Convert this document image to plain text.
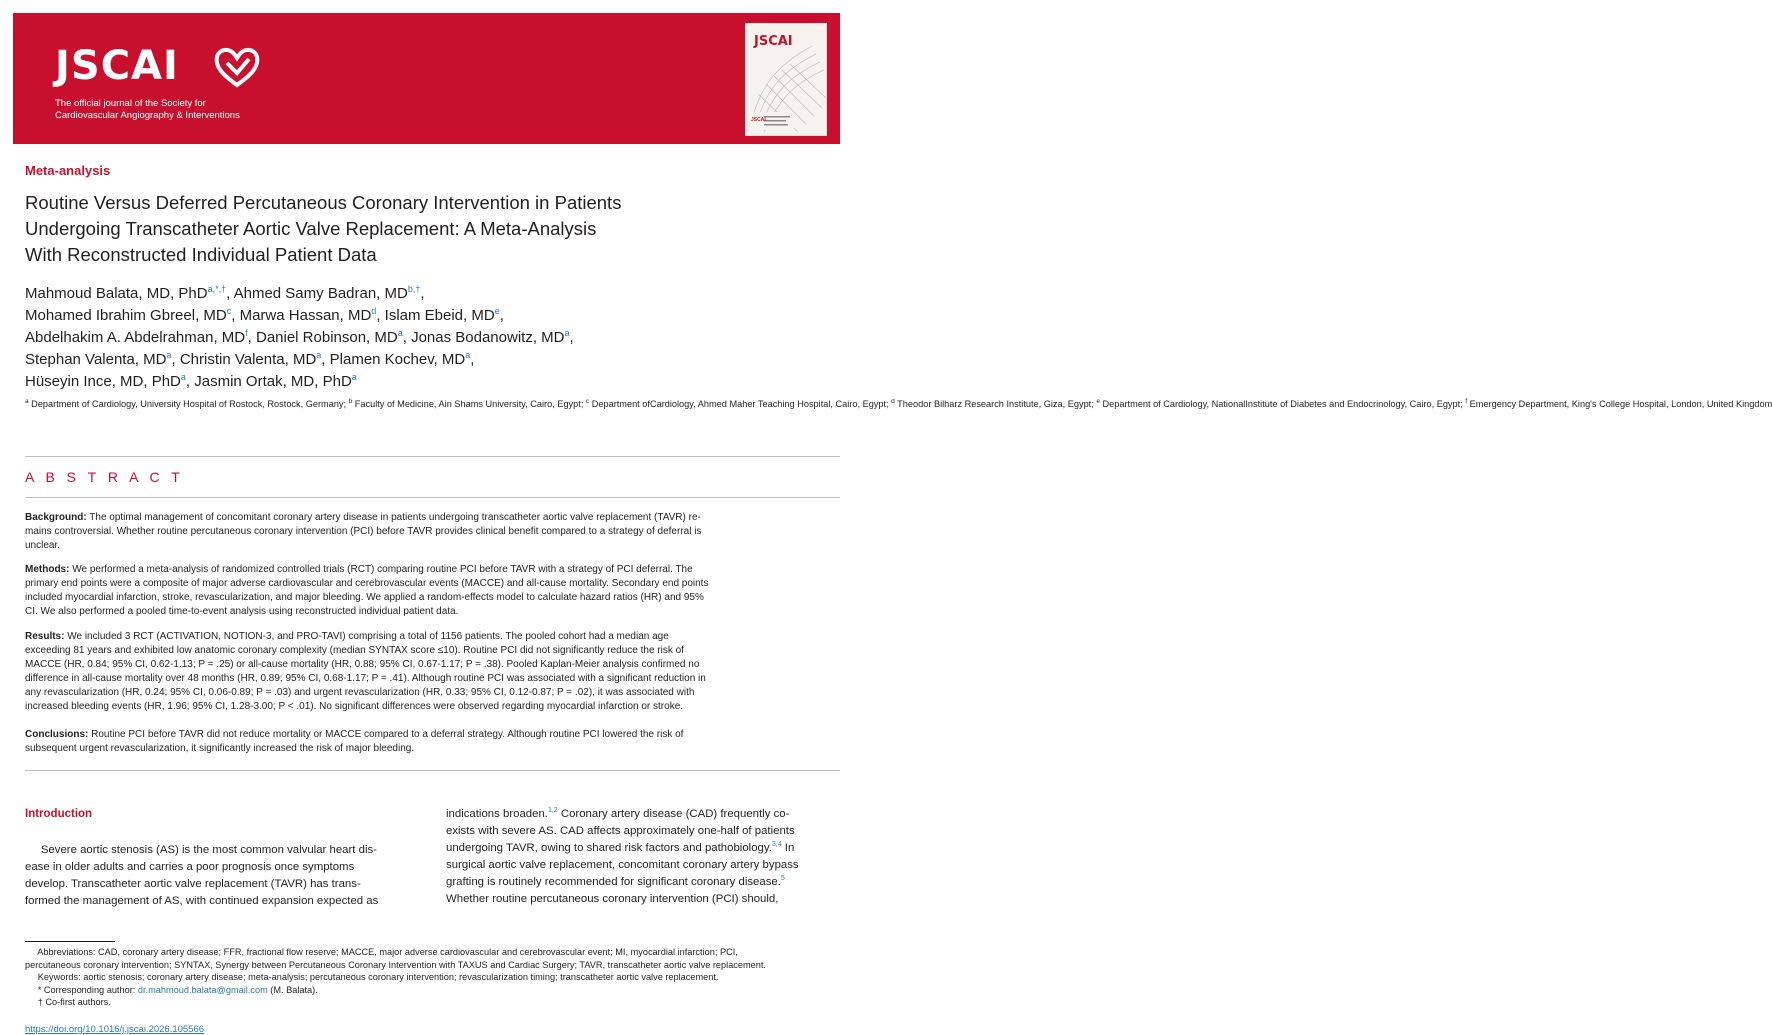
JSCAI
The official journal of the Society for
Cardiovascular Angiography & Interventions
JSCAI
JSCAI
Meta-analysis
Routine Versus Deferred Percutaneous Coronary Intervention in Patients
Undergoing Transcatheter Aortic Valve Replacement: A Meta-Analysis
With Reconstructed Individual Patient Data
Mahmoud Balata, MD, PhD$^{a,*,\dagger}$, Ahmed Samy Badran, $MD^{b,\dagger}$,
Mohamed Ibrahim Gbreel, $MD^c$, Marwa Hassan, $MD^d$, Islam Ebeid, MDe,
Abdelhakim A. Abdelrahman, $MD^f$, Daniel Robinson, $MD^a$, Jonas Bodanowitz, $MD^a$,
Stephan Valenta, $MD^a$, Christin Valenta, $MD^a$, Plamen Kochev, $MD^a$,
Hüseyin Ince, MD, PhD$^a$, Jasmin Ortak, MD, PhD$^a$
$^a$ Department of Cardiology, University Hospital of Rostock, Rostock, Germany; $^b$ Faculty of Medicine, Ain Shams University, Cairo, Egypt; $^c$ Department ofCardiology, Ahmed Maher Teaching Hospital, Cairo, Egypt; $^d$ Theodor Bilharz Research Institute, Giza, Egypt; $^e$ Department of Cardiology, NationalInstitute of Diabetes and Endocrinology, Cairo, Egypt; $^f$ Emergency Department, King's College Hospital, London, United Kingdom
A B S T R A C T
Background: The optimal management of concomitant coronary artery disease in patients undergoing transcatheter aortic valve replacement (TAVR) re-
mains controversial. Whether routine percutaneous coronary intervention (PCI) before TAVR provides clinical benefit compared to a strategy of deferral is
unclear.
Methods: We performed a meta-analysis of randomized controlled trials (RCT) comparing routine PCI before TAVR with a strategy of PCI deferral. The
primary end points were a composite of major adverse cardiovascular and cerebrovascular events (MACCE) and all-cause mortality. Secondary end points
included myocardial infarction, stroke, revascularization, and major bleeding. We applied a random-effects model to calculate hazard ratios (HR) and 95%
CI. We also performed a pooled time-to-event analysis using reconstructed individual patient data.
Results: We included 3 RCT (ACTIVATION, NOTION-3, and PRO-TAVI) comprising a total of 1156 patients. The pooled cohort had a median age
exceeding 81 years and exhibited low anatomic coronary complexity (median SYNTAX score ≤10). Routine PCI did not significantly reduce the risk of
MACCE (HR, 0.84; 95% CI, 0.62-1.13; P = .25) or all-cause mortality (HR, 0.88; 95% CI, 0.67-1.17; P = .38). Pooled Kaplan-Meier analysis confirmed no
difference in all-cause mortality over 48 months (HR, 0.89; 95% CI, 0.68-1.17; P = .41). Although routine PCI was associated with a significant reduction in
any revascularization (HR, 0.24; 95% CI, 0.06-0.89; P = .03) and urgent revascularization (HR, 0.33; 95% CI, 0.12-0.87; P = .02), it was associated with
increased bleeding events (HR, 1.96; 95% CI, 1.28-3.00; P < .01). No significant differences were observed regarding myocardial infarction or stroke.
Conclusions: Routine PCI before TAVR did not reduce mortality or MACCE compared to a deferral strategy. Although routine PCI lowered the risk of
subsequent urgent revascularization, it significantly increased the risk of major bleeding.
Introduction
Severe aortic stenosis (AS) is the most common valvular heart dis-
ease in older adults and carries a poor prognosis once symptoms
develop. Transcatheter aortic valve replacement (TAVR) has trans-
formed the management of AS, with continued expansion expected as
indications broaden.$^{1,2}$ Coronary artery disease (CAD) frequently co-
exists with severe AS. CAD affects approximately one-half of patients
undergoing TAVR, owing to shared risk factors and pathobiology.$^{3,4}$ In
surgical aortic valve replacement, concomitant coronary artery bypass
grafting is routinely recommended for significant coronary disease.$^5$
Whether routine percutaneous coronary intervention (PCI) should,
Abbreviations: CAD, coronary artery disease; FFR, fractional flow reserve; MACCE, major adverse cardiovascular and cerebrovascular event; MI, myocardial infarction; PCI,
percutaneous coronary intervention; SYNTAX, Synergy between Percutaneous Coronary Intervention with TAXUS and Cardiac Surgery; TAVR, transcatheter aortic valve replacement.
Keywords: aortic stenosis; coronary artery disease; meta-analysis; percutaneous coronary intervention; revascularization timing; transcatheter aortic valve replacement.
* Corresponding author: dr.mahmoud.balata@gmail.com (M. Balata).
† Co-first authors.
https://doi.org/10.1016/j.jscai.2026.105566
